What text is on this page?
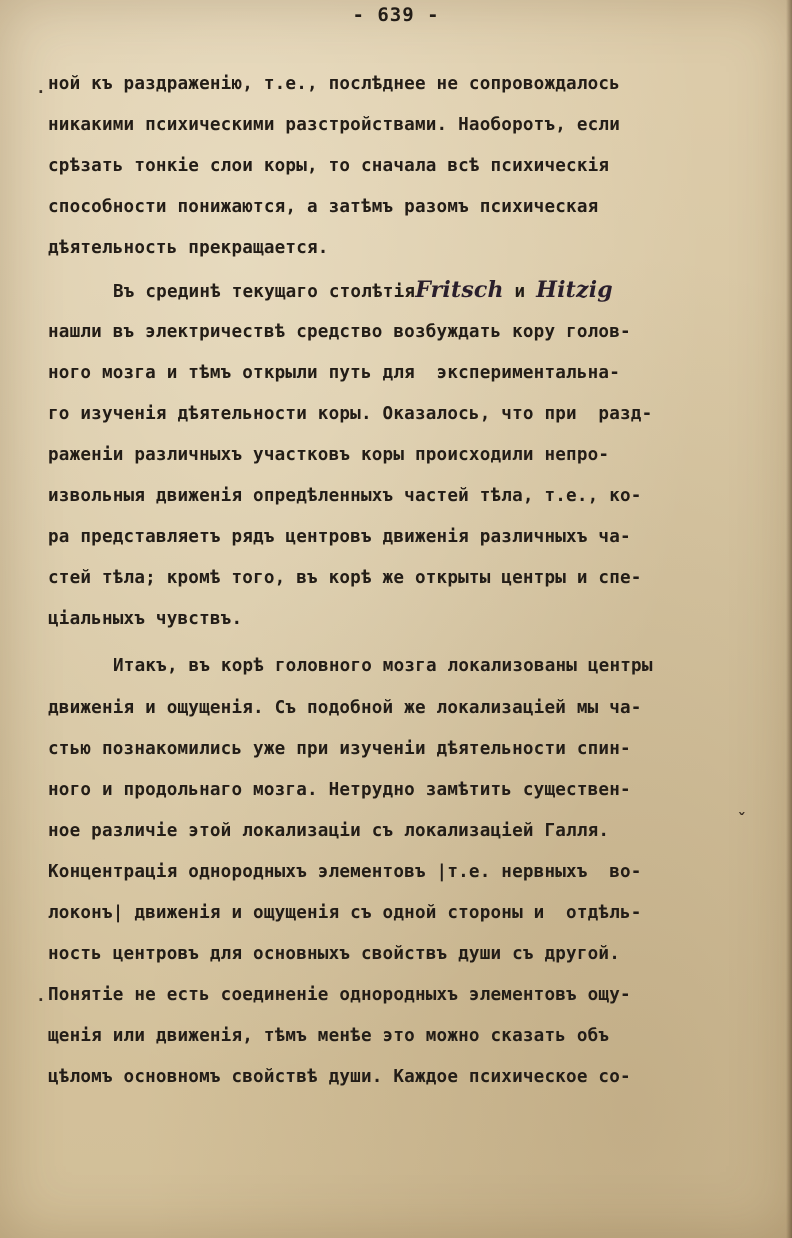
- 639 -
ной къ раздраженію, т.е., послѣднее не сопровождалось
никакими психическими разстройствами. Наоборотъ, если
срѣзать тонкіе слои коры, то сначала всѣ психическія
способности понижаются, а затѣмъ разомъ психическая
дѣятельность прекращается.
Въ срединѣ текущаго столѣтіяFritsch и Hitzig
нашли въ электричествѣ средство возбуждать кору голов-
ного мозга и тѣмъ открыли путь для  экспериментальна-
го изученія дѣятельности коры. Оказалось, что при  разд-
раженіи различныхъ участковъ коры происходили непро-
извольныя движенія опредѣленныхъ частей тѣла, т.е., ко-
ра представляетъ рядъ центровъ движенія различныхъ ча-
стей тѣла; кромѣ того, въ корѣ же открыты центры и спе-
ціальныхъ чувствъ.
Итакъ, въ корѣ головного мозга локализованы центры
движенія и ощущенія. Съ подобной же локализаціей мы ча-
стью познакомились уже при изученіи дѣятельности спин-
ного и продольнаго мозга. Нетрудно замѣтить существен-
ное различіе этой локализаціи съ локализаціей Галля.
Концентрація однородныхъ элементовъ |т.е. нервныхъ  во-
локонъ| движенія и ощущенія съ одной стороны и  отдѣль-
ность центровъ для основныхъ свойствъ души съ другой.
Понятіе не есть соединеніе однородныхъ элементовъ ощу-
щенія или движенія, тѣмъ менѣе это можно сказать объ
цѣломъ основномъ свойствѣ души. Каждое психическое со-
·
ˇ
·
